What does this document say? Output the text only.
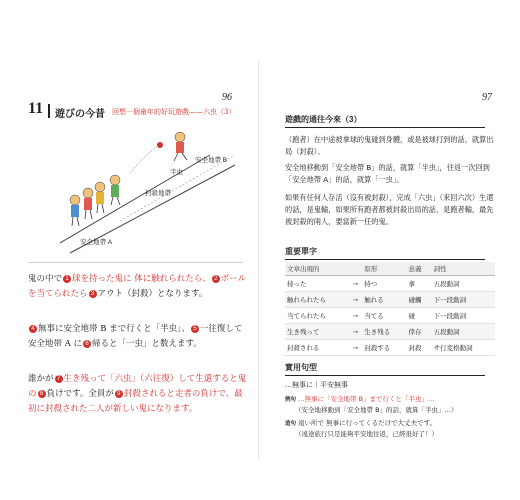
96
11 遊びの今昔 回想一個童年的好玩遊戲——六虫（3）
安全地帶 B
半虫
封殺地帶
安全地帶 A
鬼の中で 1 球を持った鬼に 体に触れられたら、 2 ボールを当てられたら 3 アウト（封殺）となります。
4 無事に安全地帯 B まで行くと「半虫」、 5 一往復して安全地帯 A に 6 帰ると「一虫」と数えます。
誰かが 7 生き残って「六虫」（六往復）して生還すると鬼の 8 負けです。全員が 9 封殺されると走者の負けで、最初に封殺された二人が新しい鬼になります。
97
遊戲的通往今來（3）
（跑者）在中途被拿球的鬼碰到身體，或是被球打到的話，就算出局（封殺）。
安全地移動到「安全地帶 B」的話，就算「半虫」，往返一次回到「安全地帶 A」的話，就算「一虫」。
如果有任何人存活（沒有被封殺），完成「六虫」（來回六次）生還的話，是鬼輸，如果所有跑者都被封殺出局的話，是跑者輸，最先被封殺的兩人，要當新一任的鬼。
重要單字
文章出現的		原形	意義	詞性
持った	→	持つ	拿	五段動詞
触れられたら	→	触れる	碰觸	下一段動詞
当てられたら	→	当てる	碰	下一段動詞
生き残って	→	生き残る	倖存	五段動詞
封殺される	→	封殺する	封殺	サ行変格動詞
實用句型
…無事に｜平安無事
例句 …無事に「安全地帯 B」まで行くと「半虫」…
（安全地移動到「安全地帶 B」的話，就算「半虫」…）
造句 遠い所で 無事に行ってくるだけで大丈夫です。
（遠途旅行只是能夠平安地往返，已經很好了！）
